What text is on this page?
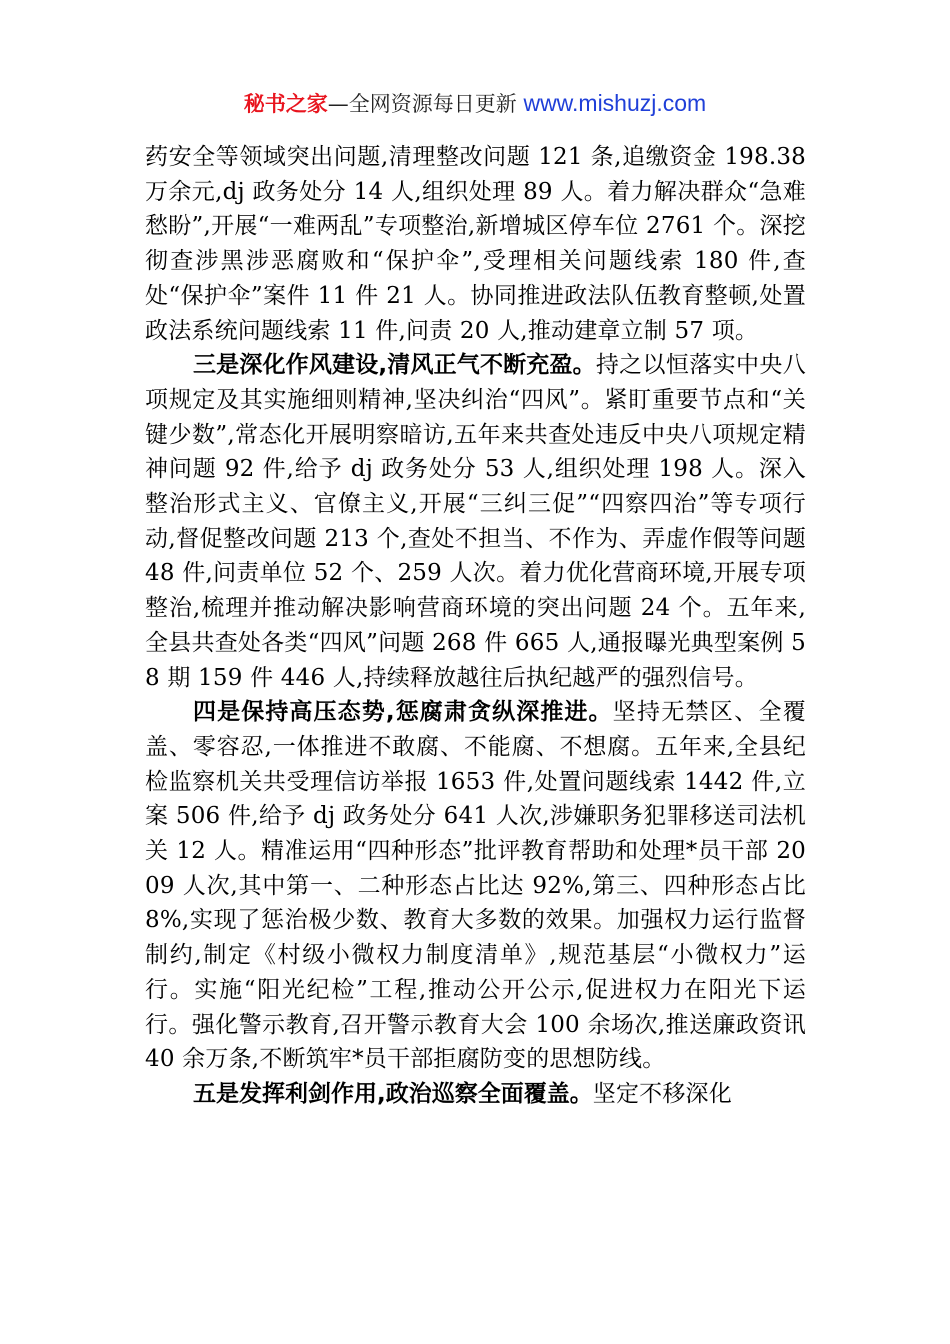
秘书之家—全网资源每日更新 www.mishuzj.com

药安全等领域突出问题,清理整改问题 121 条,追缴资金 198.38 万余元,dj 政务处分 14 人,组织处理 89 人。着力解决群众“急难愁盼”,开展“一难两乱”专项整治,新增城区停车位 2761 个。深挖彻查涉黑涉恶腐败和“保护伞”,受理相关问题线索 180 件,查处“保护伞”案件 11 件 21 人。协同推进政法队伍教育整顿,处置政法系统问题线索 11 件,问责 20 人,推动建章立制 57 项。

三是深化作风建设,清风正气不断充盈。持之以恒落实中央八项规定及其实施细则精神,坚决纠治“四风”。紧盯重要节点和“关键少数”,常态化开展明察暗访,五年来共查处违反中央八项规定精神问题 92 件,给予 dj 政务处分 53 人,组织处理 198 人。深入整治形式主义、官僚主义,开展“三纠三促”“四察四治”等专项行动,督促整改问题 213 个,查处不担当、不作为、弄虚作假等问题 48 件,问责单位 52 个、259 人次。着力优化营商环境,开展专项整治,梳理并推动解决影响营商环境的突出问题 24 个。五年来,全县共查处各类“四风”问题 268 件 665 人,通报曝光典型案例 58 期 159 件 446 人,持续释放越往后执纪越严的强烈信号。

四是保持高压态势,惩腐肃贪纵深推进。坚持无禁区、全覆盖、零容忍,一体推进不敢腐、不能腐、不想腐。五年来,全县纪检监察机关共受理信访举报 1653 件,处置问题线索 1442 件,立案 506 件,给予 dj 政务处分 641 人次,涉嫌职务犯罪移送司法机关 12 人。精准运用“四种形态”批评教育帮助和处理*员干部 2009 人次,其中第一、二种形态占比达 92%,第三、四种形态占比 8%,实现了惩治极少数、教育大多数的效果。加强权力运行监督制约,制定《村级小微权力制度清单》,规范基层“小微权力”运行。实施“阳光纪检”工程,推动公开公示,促进权力在阳光下运行。强化警示教育,召开警示教育大会 100 余场次,推送廉政资讯 40 余万条,不断筑牢*员干部拒腐防变的思想防线。

五是发挥利剑作用,政治巡察全面覆盖。坚定不移深化
